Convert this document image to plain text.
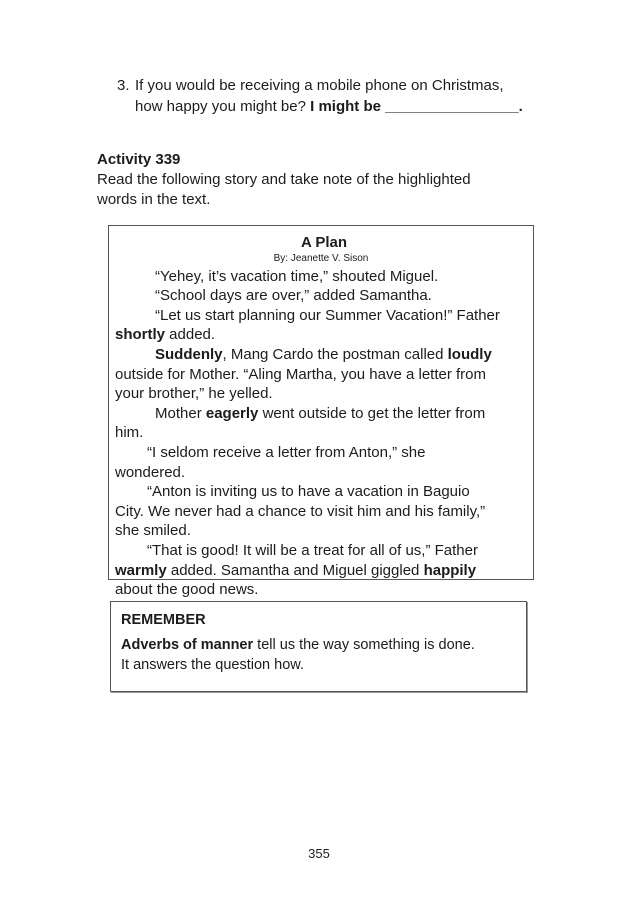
3. If you would be receiving a mobile phone on Christmas,
how happy you might be? I might be ________________.
Activity 339
Read the following story and take note of the highlighted
words in the text.
A Plan
By: Jeanette V. Sison
“Yehey, it’s vacation time,” shouted Miguel.
“School days are over,” added Samantha.
“Let us start planning our Summer Vacation!” Father
shortly added.
Suddenly, Mang Cardo the postman called loudly
outside for Mother. “Aling Martha, you have a letter from
your brother,” he yelled.
Mother eagerly went outside to get the letter from
him.
“I seldom receive a letter from Anton,” she
wondered.
“Anton is inviting us to have a vacation in Baguio
City. We never had a chance to visit him and his family,”
she smiled.
“That is good! It will be a treat for all of us,” Father
warmly added. Samantha and Miguel giggled happily
about the good news.
REMEMBER
Adverbs of manner tell us the way something is done.
It answers the question how.
355
